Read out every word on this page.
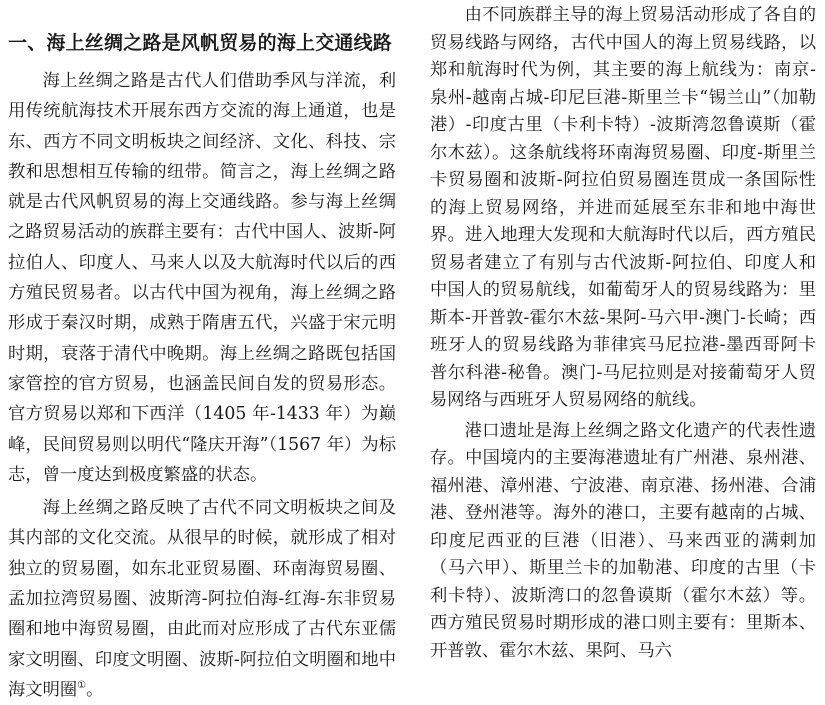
一、海上丝绸之路是风帆贸易的海上交通线路

海上丝绸之路是古代人们借助季风与洋流，利用传统航海技术开展东西方交流的海上通道，也是东、西方不同文明板块之间经济、文化、科技、宗教和思想相互传输的纽带。简言之，海上丝绸之路就是古代风帆贸易的海上交通线路。参与海上丝绸之路贸易活动的族群主要有：古代中国人、波斯-阿拉伯人、印度人、马来人以及大航海时代以后的西方殖民贸易者。以古代中国为视角，海上丝绸之路形成于秦汉时期，成熟于隋唐五代，兴盛于宋元明时期，衰落于清代中晚期。海上丝绸之路既包括国家管控的官方贸易，也涵盖民间自发的贸易形态。官方贸易以郑和下西洋（1405 年-1433 年）为巅峰，民间贸易则以明代“隆庆开海”（1567 年）为标志，曾一度达到极度繁盛的状态。

海上丝绸之路反映了古代不同文明板块之间及其内部的文化交流。从很早的时候，就形成了相对独立的贸易圈，如东北亚贸易圈、环南海贸易圈、孟加拉湾贸易圈、波斯湾-阿拉伯海-红海-东非贸易圈和地中海贸易圈，由此而对应形成了古代东亚儒家文明圈、印度文明圈、波斯-阿拉伯文明圈和地中海文明圈①。

由不同族群主导的海上贸易活动形成了各自的贸易线路与网络，古代中国人的海上贸易线路，以郑和航海时代为例，其主要的海上航线为：南京-泉州-越南占城-印尼巨港-斯里兰卡“锡兰山”（加勒港）-印度古里（卡利卡特）-波斯湾忽鲁谟斯（霍尔木兹）。这条航线将环南海贸易圈、印度-斯里兰卡贸易圈和波斯-阿拉伯贸易圈连贯成一条国际性的海上贸易网络，并进而延展至东非和地中海世界。进入地理大发现和大航海时代以后，西方殖民贸易者建立了有别与古代波斯-阿拉伯、印度人和中国人的贸易航线，如葡萄牙人的贸易线路为：里斯本-开普敦-霍尔木兹-果阿-马六甲-澳门-长崎；西班牙人的贸易线路为菲律宾马尼拉港-墨西哥阿卡普尔科港-秘鲁。澳门-马尼拉则是对接葡萄牙人贸易网络与西班牙人贸易网络的航线。

港口遗址是海上丝绸之路文化遗产的代表性遗存。中国境内的主要海港遗址有广州港、泉州港、福州港、漳州港、宁波港、南京港、扬州港、合浦港、登州港等。海外的港口，主要有越南的占城、印度尼西亚的巨港（旧港）、马来西亚的满剌加（马六甲）、斯里兰卡的加勒港、印度的古里（卡利卡特）、波斯湾口的忽鲁谟斯（霍尔木兹）等。西方殖民贸易时期形成的港口则主要有：里斯本、开普敦、霍尔木兹、果阿、马六
